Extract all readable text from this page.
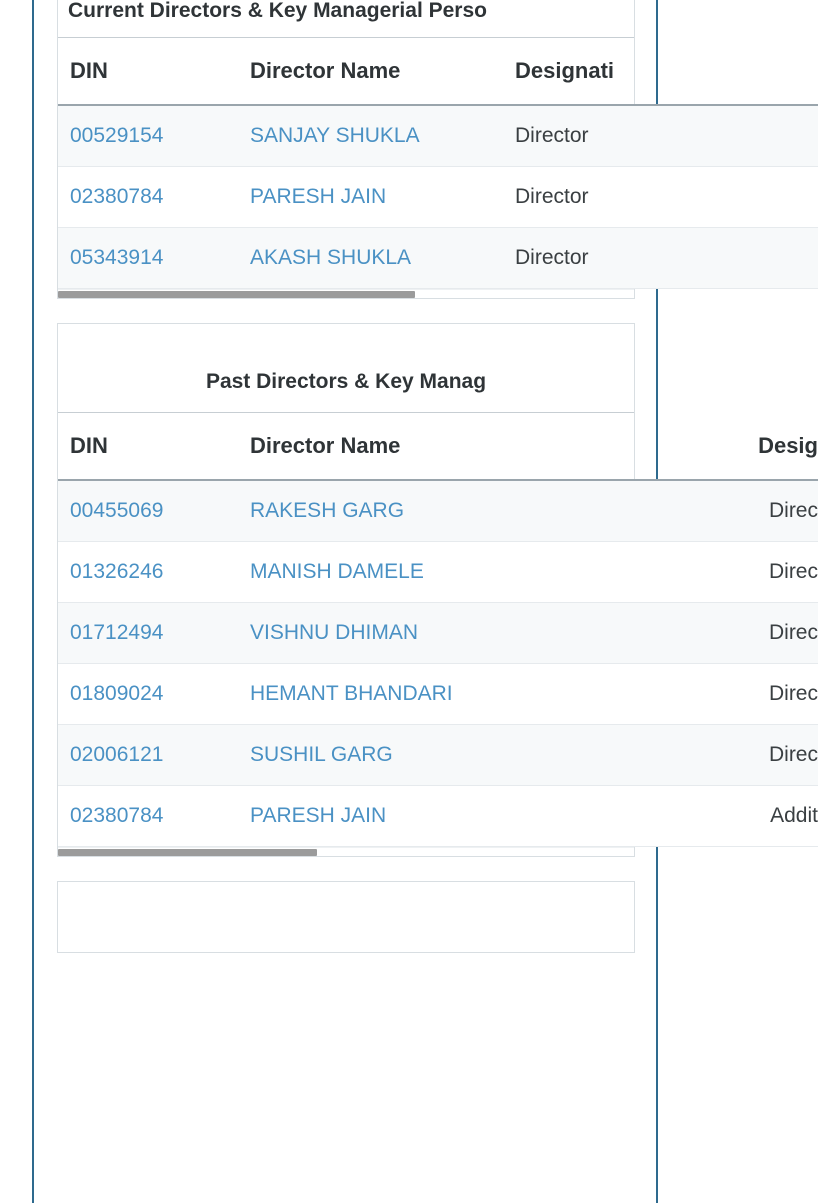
Current Directors & Key Managerial Perso
DIN	Director Name	Designati
00529154	SANJAY SHUKLA	Director
02380784	PARESH JAIN	Director
05343914	AKASH SHUKLA	Director
Past Directors & Key Manag
DIN	Director Name	Desig
00455069	RAKESH GARG	Direc
01326246	MANISH DAMELE	Direc
01712494	VISHNU DHIMAN	Direc
01809024	HEMANT BHANDARI	Direc
02006121	SUSHIL GARG	Direc
02380784	PARESH JAIN	Addit
